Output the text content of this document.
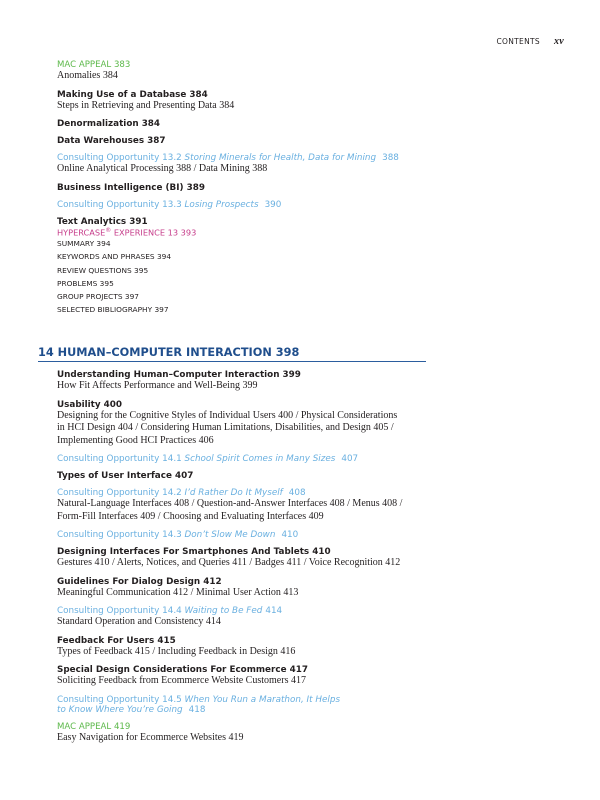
CONTENTS xv
MAC APPEAL 383
Anomalies 384
Making Use of a Database 384
Steps in Retrieving and Presenting Data 384
Denormalization 384
Data Warehouses 387
Consulting Opportunity 13.2 Storing Minerals for Health, Data for Mining 388
Online Analytical Processing 388 / Data Mining 388
Business Intelligence (BI) 389
Consulting Opportunity 13.3 Losing Prospects 390
Text Analytics 391
HYPERCASE® EXPERIENCE 13 393
SUMMARY 394
KEYWORDS AND PHRASES 394
REVIEW QUESTIONS 395
PROBLEMS 395
GROUP PROJECTS 397
SELECTED BIBLIOGRAPHY 397
14 HUMAN–COMPUTER INTERACTION 398
Understanding Human–Computer Interaction 399
How Fit Affects Performance and Well-Being 399
Usability 400
Designing for the Cognitive Styles of Individual Users 400 / Physical Considerations
in HCI Design 404 / Considering Human Limitations, Disabilities, and Design 405 /
Implementing Good HCI Practices 406
Consulting Opportunity 14.1 School Spirit Comes in Many Sizes 407
Types of User Interface 407
Consulting Opportunity 14.2 I’d Rather Do It Myself 408
Natural-Language Interfaces 408 / Question-and-Answer Interfaces 408 / Menus 408 /
Form-Fill Interfaces 409 / Choosing and Evaluating Interfaces 409
Consulting Opportunity 14.3 Don’t Slow Me Down 410
Designing Interfaces For Smartphones And Tablets 410
Gestures 410 / Alerts, Notices, and Queries 411 / Badges 411 / Voice Recognition 412
Guidelines For Dialog Design 412
Meaningful Communication 412 / Minimal User Action 413
Consulting Opportunity 14.4 Waiting to Be Fed 414
Standard Operation and Consistency 414
Feedback For Users 415
Types of Feedback 415 / Including Feedback in Design 416
Special Design Considerations For Ecommerce 417
Soliciting Feedback from Ecommerce Website Customers 417
Consulting Opportunity 14.5 When You Run a Marathon, It Helps
to Know Where You’re Going 418
MAC APPEAL 419
Easy Navigation for Ecommerce Websites 419
